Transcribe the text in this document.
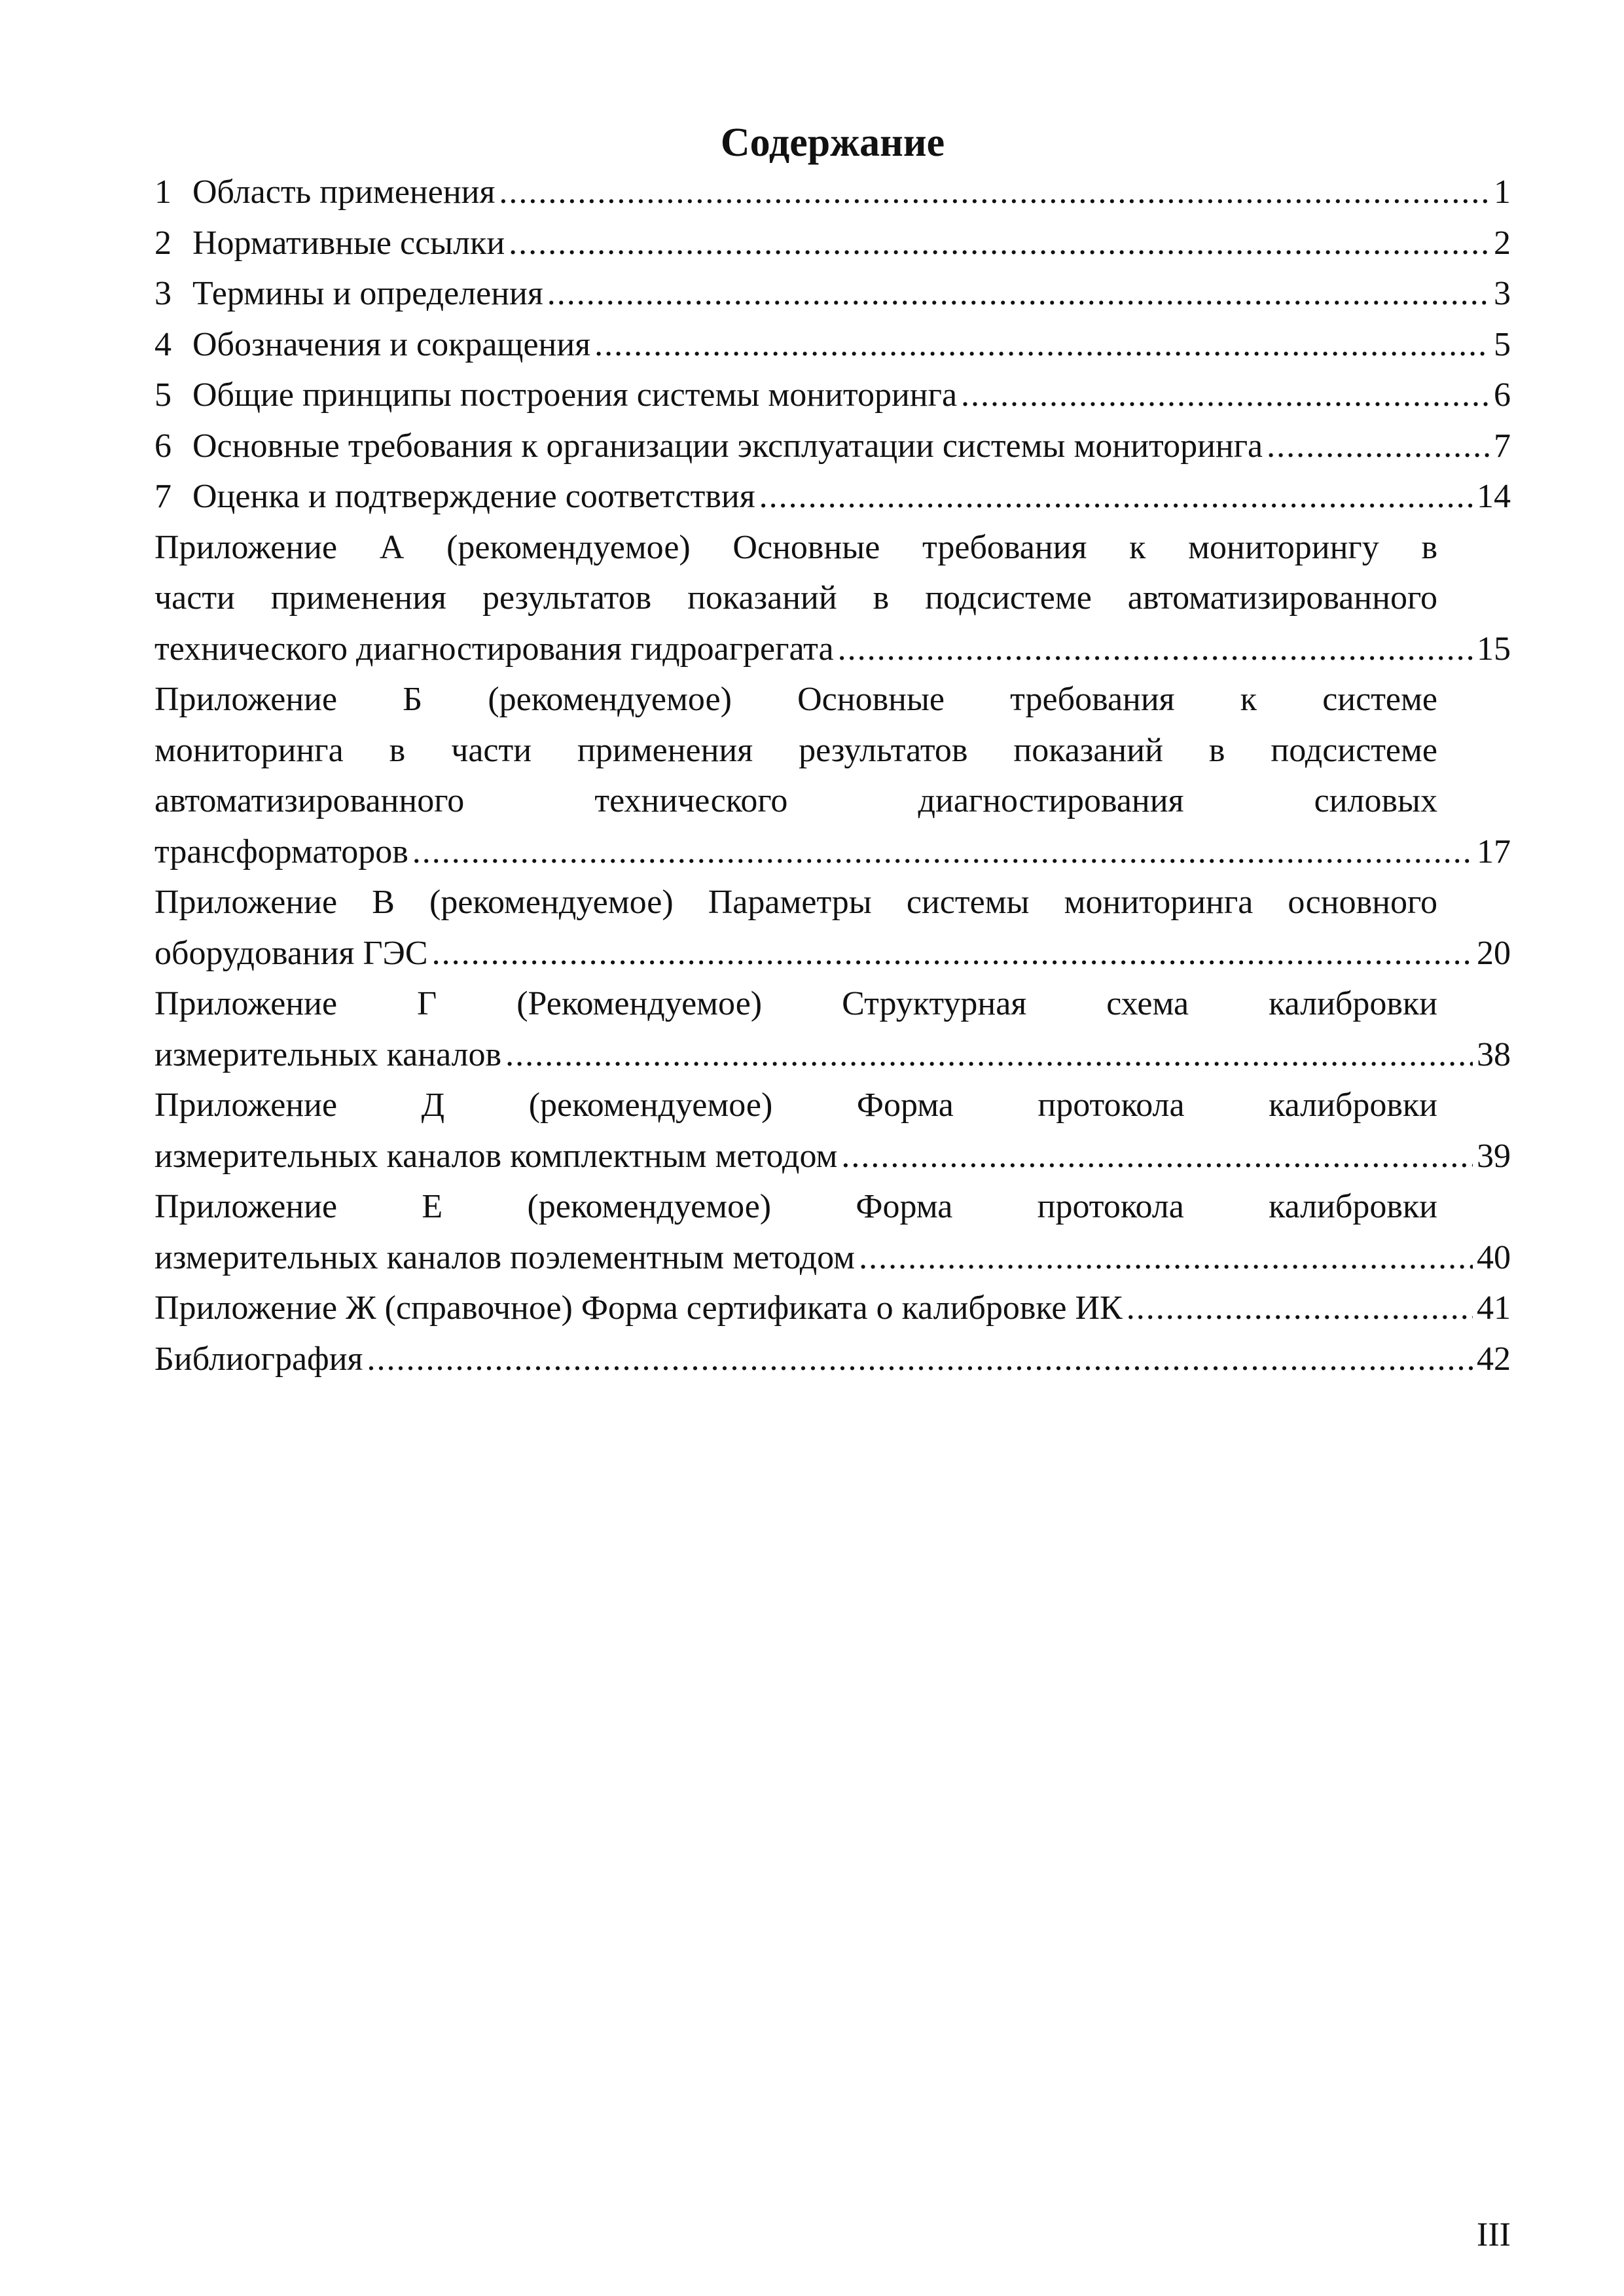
Содержание
1 Область применения .....	1
2 Нормативные ссылки .....	2
3 Термины и определения .....	3
4 Обозначения и сокращения .....	5
5 Общие принципы построения системы мониторинга .....	6
6 Основные требования к организации эксплуатации системы мониторинга .....	7
7 Оценка и подтверждение соответствия .....	14
Приложение А (рекомендуемое) Основные требования к мониторингу в
части применения результатов показаний в подсистеме автоматизированного
технического диагностирования гидроагрегата .....	15
Приложение Б (рекомендуемое) Основные требования к системе
мониторинга в части применения результатов показаний в подсистеме
автоматизированного технического диагностирования силовых
трансформаторов .....	17
Приложение В (рекомендуемое) Параметры системы мониторинга основного
оборудования ГЭС .....	20
Приложение Г (Рекомендуемое) Структурная схема калибровки
измерительных каналов .....	38
Приложение Д (рекомендуемое) Форма протокола калибровки
измерительных каналов комплектным методом .....	39
Приложение Е (рекомендуемое) Форма протокола калибровки
измерительных каналов поэлементным методом .....	40
Приложение Ж (справочное) Форма сертификата о калибровке ИК .....	41
Библиография .....	42
III
